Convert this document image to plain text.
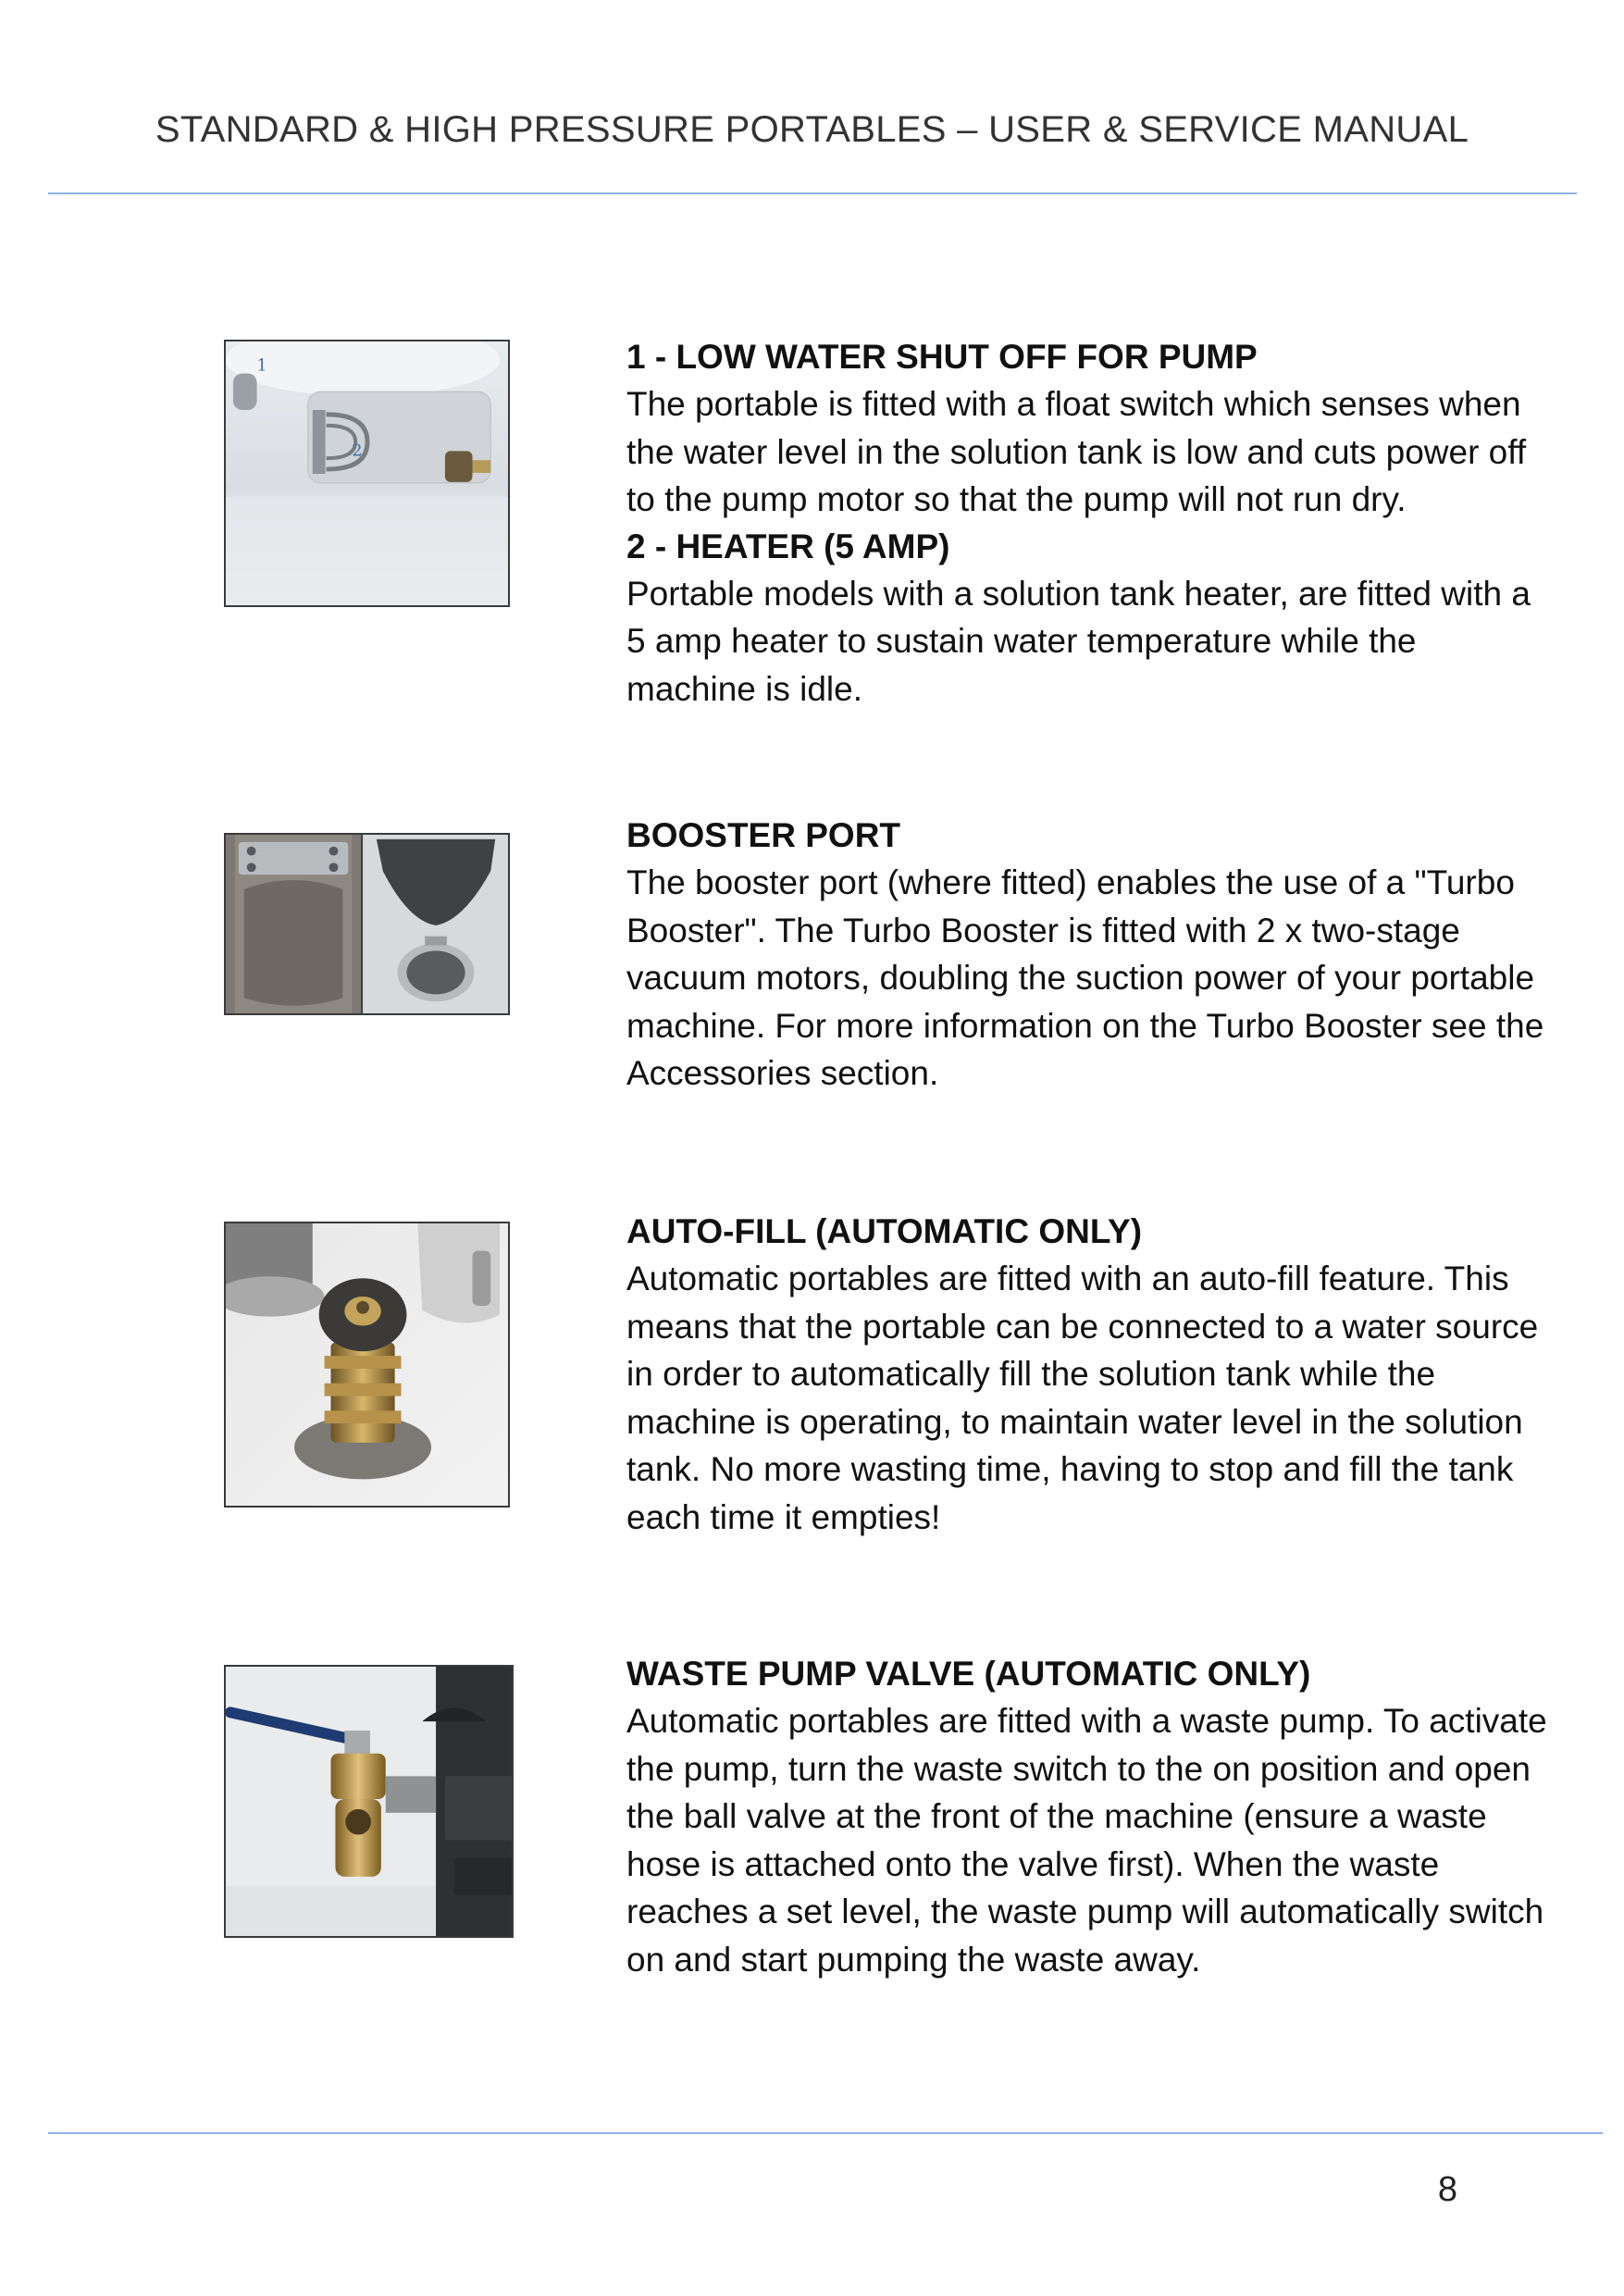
STANDARD & HIGH PRESSURE PORTABLES – USER & SERVICE MANUAL
1
2
1 - LOW WATER SHUT OFF FOR PUMP

The portable is fitted with a float switch which senses when the water level in the solution tank is low and cuts power off to the pump motor so that the pump will not run dry.

2 - HEATER (5 AMP)

Portable models with a solution tank heater, are fitted with a 5 amp heater to sustain water temperature while the machine is idle.

BOOSTER PORT

The booster port (where fitted) enables the use of a "Turbo Booster". The Turbo Booster is fitted with 2 x two-stage vacuum motors, doubling the suction power of your portable machine. For more information on the Turbo Booster see the Accessories section.

AUTO-FILL (AUTOMATIC ONLY)

Automatic portables are fitted with an auto-fill feature. This means that the portable can be connected to a water source in order to automatically fill the solution tank while the machine is operating, to maintain water level in the solution tank. No more wasting time, having to stop and fill the tank each time it empties!

WASTE PUMP VALVE (AUTOMATIC ONLY)

Automatic portables are fitted with a waste pump. To activate the pump, turn the waste switch to the on position and open the ball valve at the front of the machine (ensure a waste hose is attached onto the valve first). When the waste reaches a set level, the waste pump will automatically switch on and start pumping the waste away.

8
